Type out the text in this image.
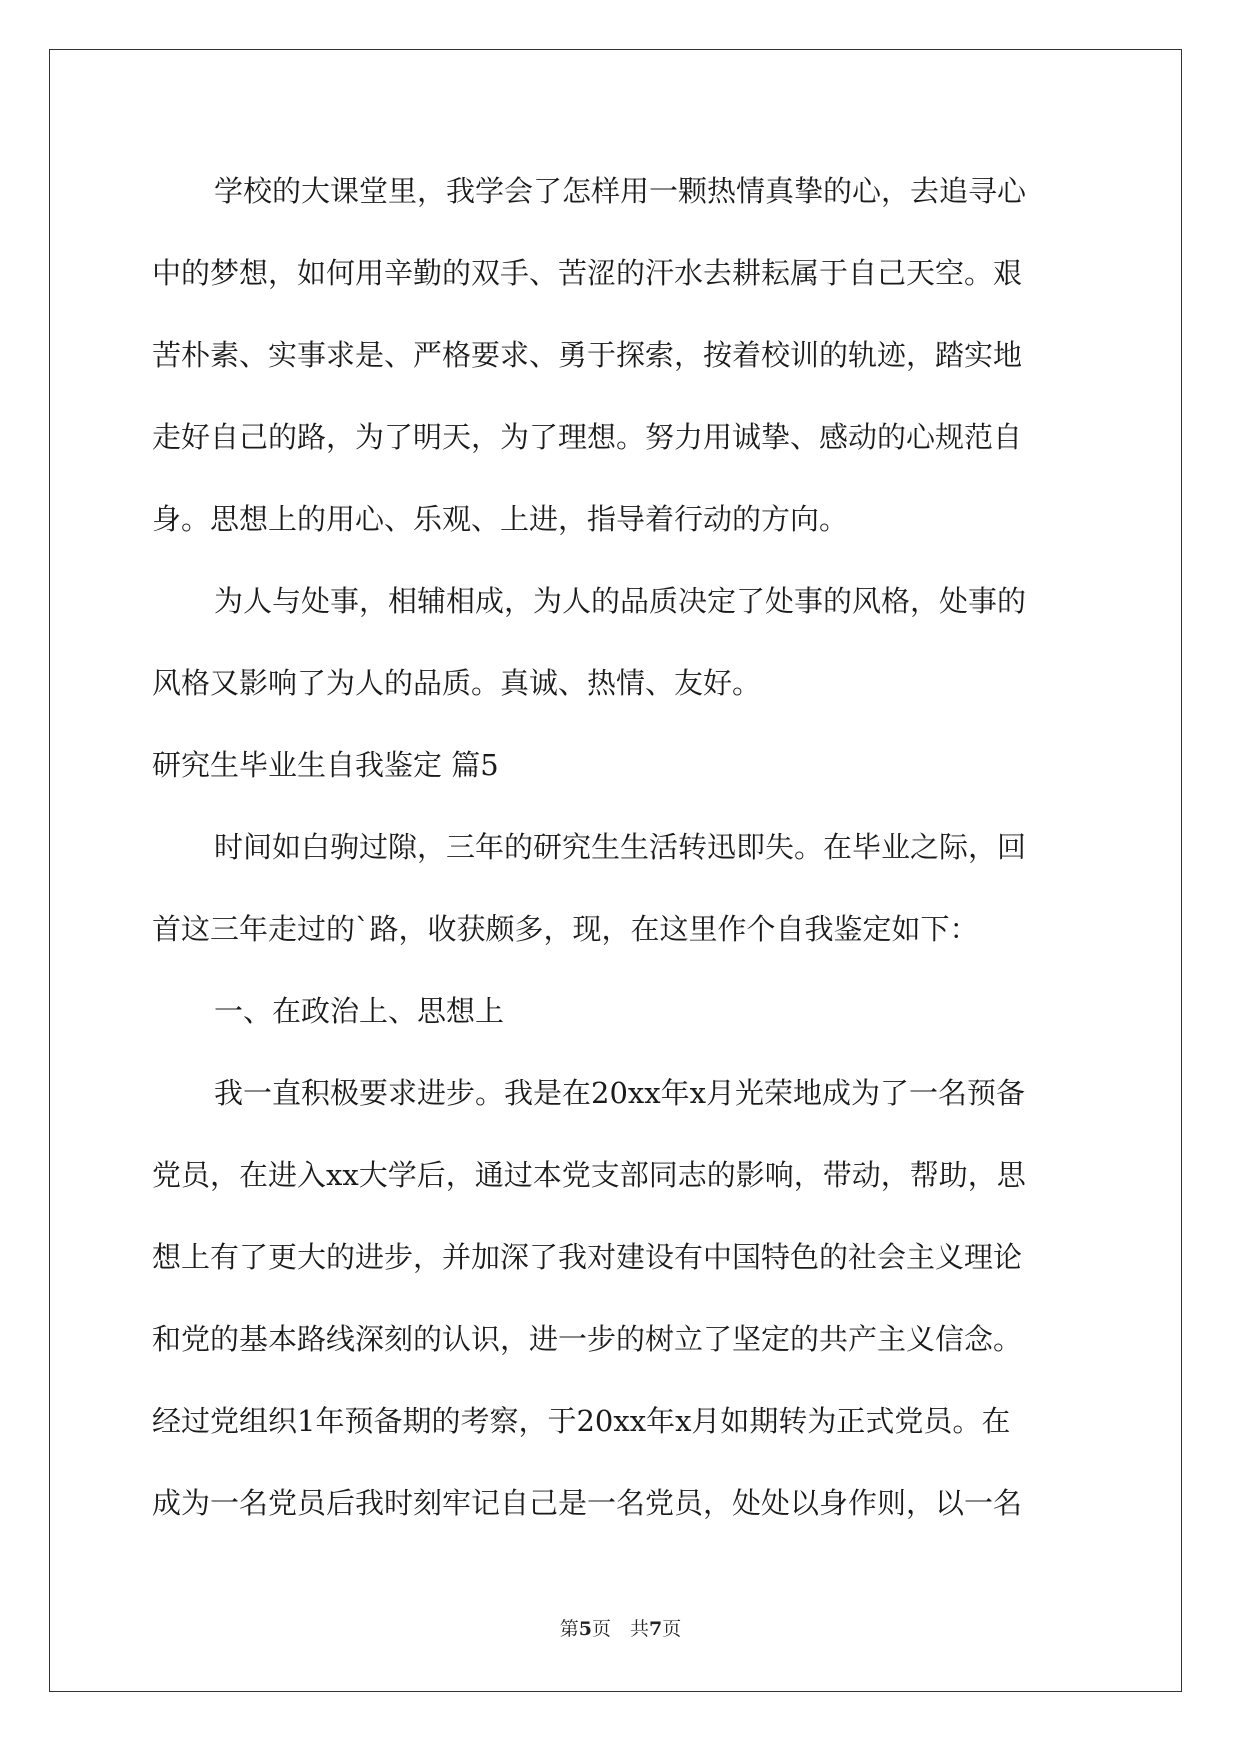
学校的大课堂里，我学会了怎样用一颗热情真挚的心，去追寻心
中的梦想，如何用辛勤的双手、苦涩的汗水去耕耘属于自己天空。艰
苦朴素、实事求是、严格要求、勇于探索，按着校训的轨迹，踏实地
走好自己的路，为了明天，为了理想。努力用诚挚、感动的心规范自
身。思想上的用心、乐观、上进，指导着行动的方向。
为人与处事，相辅相成，为人的品质决定了处事的风格，处事的
风格又影响了为人的品质。真诚、热情、友好。
研究生毕业生自我鉴定 篇5
时间如白驹过隙，三年的研究生生活转迅即失。在毕业之际，回
首这三年走过的`路，收获颇多，现，在这里作个自我鉴定如下：
一、在政治上、思想上
我一直积极要求进步。我是在20xx年x月光荣地成为了一名预备
党员，在进入xx大学后，通过本党支部同志的影响，带动，帮助，思
想上有了更大的进步，并加深了我对建设有中国特色的社会主义理论
和党的基本路线深刻的认识，进一步的树立了坚定的共产主义信念。
经过党组织1年预备期的考察，于20xx年x月如期转为正式党员。在
成为一名党员后我时刻牢记自己是一名党员，处处以身作则，以一名
第5页　共7页
